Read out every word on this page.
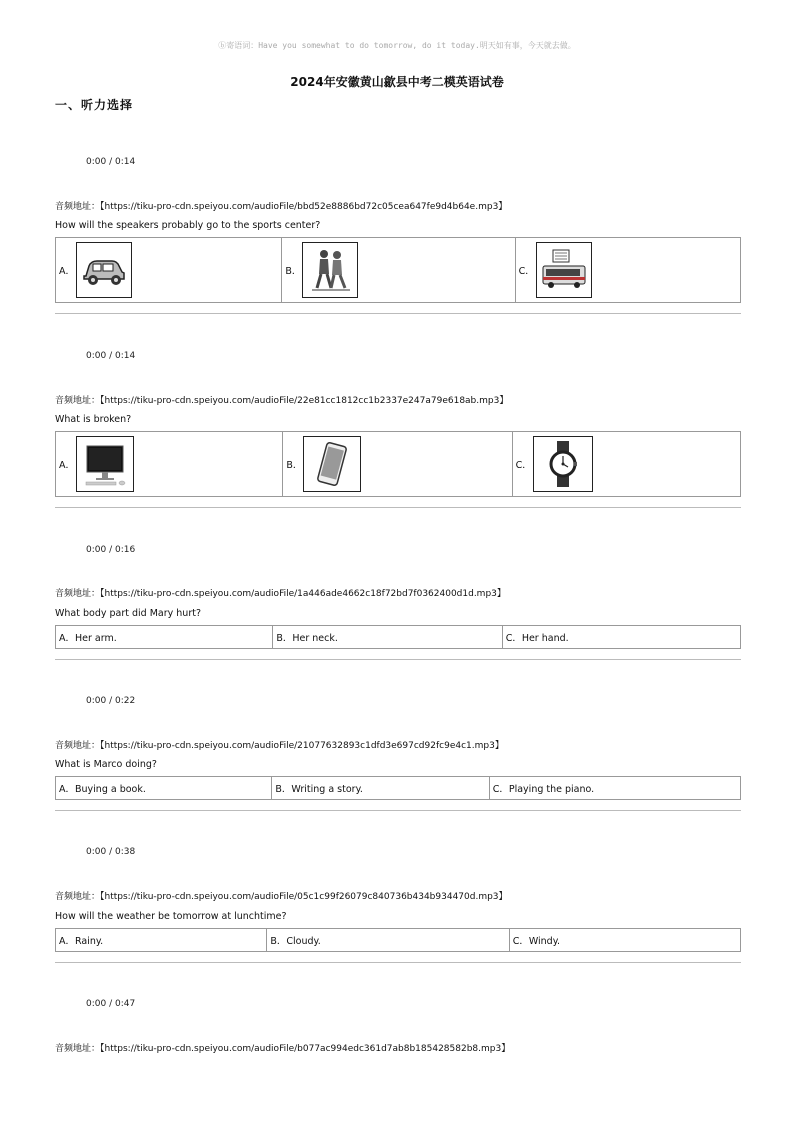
ⓑ寄语词：Have you somewhat to do tomorrow, do it today.明天如有事，今天就去做。
2024年安徽黄山歙县中考二模英语试卷
一、听力选择
0:00 / 0:14
音频地址：【https://tiku-pro-cdn.speiyou.com/audioFile/bbd52e8886bd72c05cea647fe9d4b64e.mp3】
How will the speakers probably go to the sports center?
A．	B．	C．
0:00 / 0:14
音频地址：【https://tiku-pro-cdn.speiyou.com/audioFile/22e81cc1812cc1b2337e247a79e618ab.mp3】
What is broken?
A．	B．	C．
0:00 / 0:16
音频地址：【https://tiku-pro-cdn.speiyou.com/audioFile/1a446ade4662c18f72bd7f0362400d1d.mp3】
What body part did Mary hurt?
A．Her arm.	B．Her neck.	C．Her hand.
0:00 / 0:22
音频地址：【https://tiku-pro-cdn.speiyou.com/audioFile/21077632893c1dfd3e697cd92fc9e4c1.mp3】
What is Marco doing?
A．Buying a book.	B．Writing a story.	C．Playing the piano.
0:00 / 0:38
音频地址：【https://tiku-pro-cdn.speiyou.com/audioFile/05c1c99f26079c840736b434b934470d.mp3】
How will the weather be tomorrow at lunchtime?
A．Rainy.	B．Cloudy.	C．Windy.
0:00 / 0:47
音频地址：【https://tiku-pro-cdn.speiyou.com/audioFile/b077ac994edc361d7ab8b185428582b8.mp3】
